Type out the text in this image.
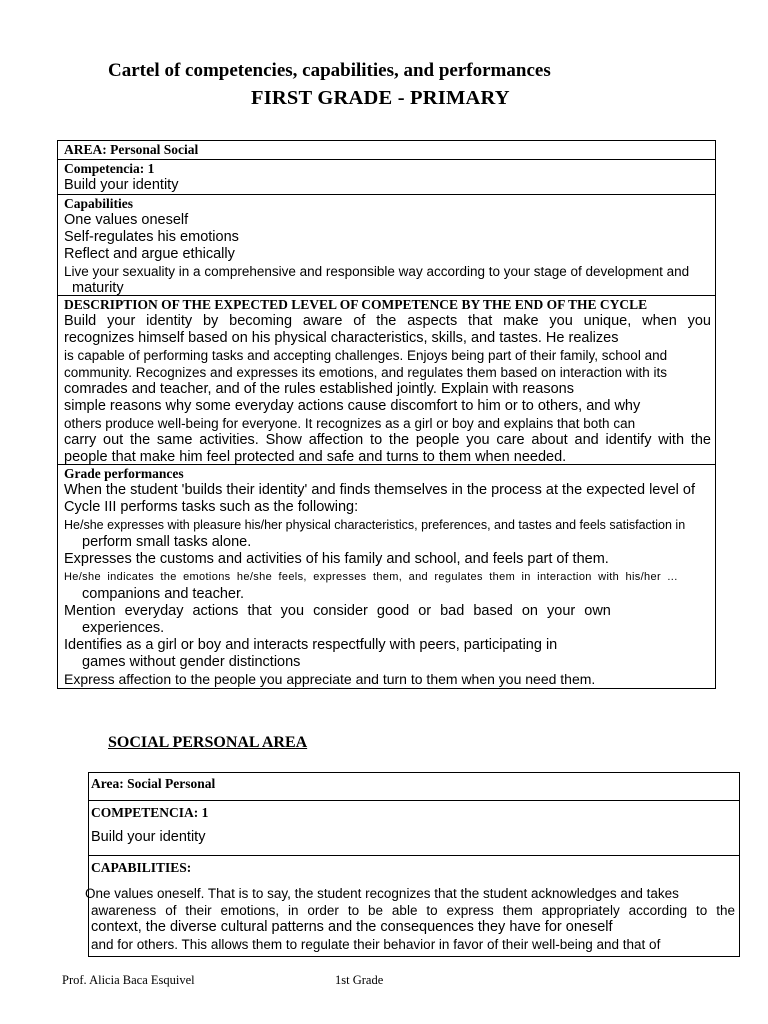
Cartel of competencies, capabilities, and performances
FIRST GRADE - PRIMARY
AREA: Personal Social
Competencia: 1
Build your identity
Capabilities
One values oneself
Self-regulates his emotions
Reflect and argue ethically
Live your sexuality in a comprehensive and responsible way according to your stage of development and
maturity
DESCRIPTION OF THE EXPECTED LEVEL OF COMPETENCE BY THE END OF THE CYCLE
Build your identity by becoming aware of the aspects that make you unique, when you
recognizes himself based on his physical characteristics, skills, and tastes. He realizes
is capable of performing tasks and accepting challenges. Enjoys being part of their family, school and
community. Recognizes and expresses its emotions, and regulates them based on interaction with its
comrades and teacher, and of the rules established jointly. Explain with reasons
simple reasons why some everyday actions cause discomfort to him or to others, and why
others produce well-being for everyone. It recognizes as a girl or boy and explains that both can
carry out the same activities. Show affection to the people you care about and identify with the
people that make him feel protected and safe and turns to them when needed.
Grade performances
When the student 'builds their identity' and finds themselves in the process at the expected level of
Cycle III performs tasks such as the following:
He/she expresses with pleasure his/her physical characteristics, preferences, and tastes and feels satisfaction in
perform small tasks alone.
Expresses the customs and activities of his family and school, and feels part of them.
He/she indicates the emotions he/she feels, expresses them, and regulates them in interaction with his/her ...
companions and teacher.
Mention everyday actions that you consider good or bad based on your own
experiences.
Identifies as a girl or boy and interacts respectfully with peers, participating in
games without gender distinctions
Express affection to the people you appreciate and turn to them when you need them.
SOCIAL PERSONAL AREA
Area: Social Personal
COMPETENCIA: 1
Build your identity
CAPABILITIES:
One values oneself. That is to say, the student recognizes that the student acknowledges and takes
awareness of their emotions, in order to be able to express them appropriately according to the
context, the diverse cultural patterns and the consequences they have for oneself
and for others. This allows them to regulate their behavior in favor of their well-being and that of
Prof. Alicia Baca Esquivel	1st Grade
